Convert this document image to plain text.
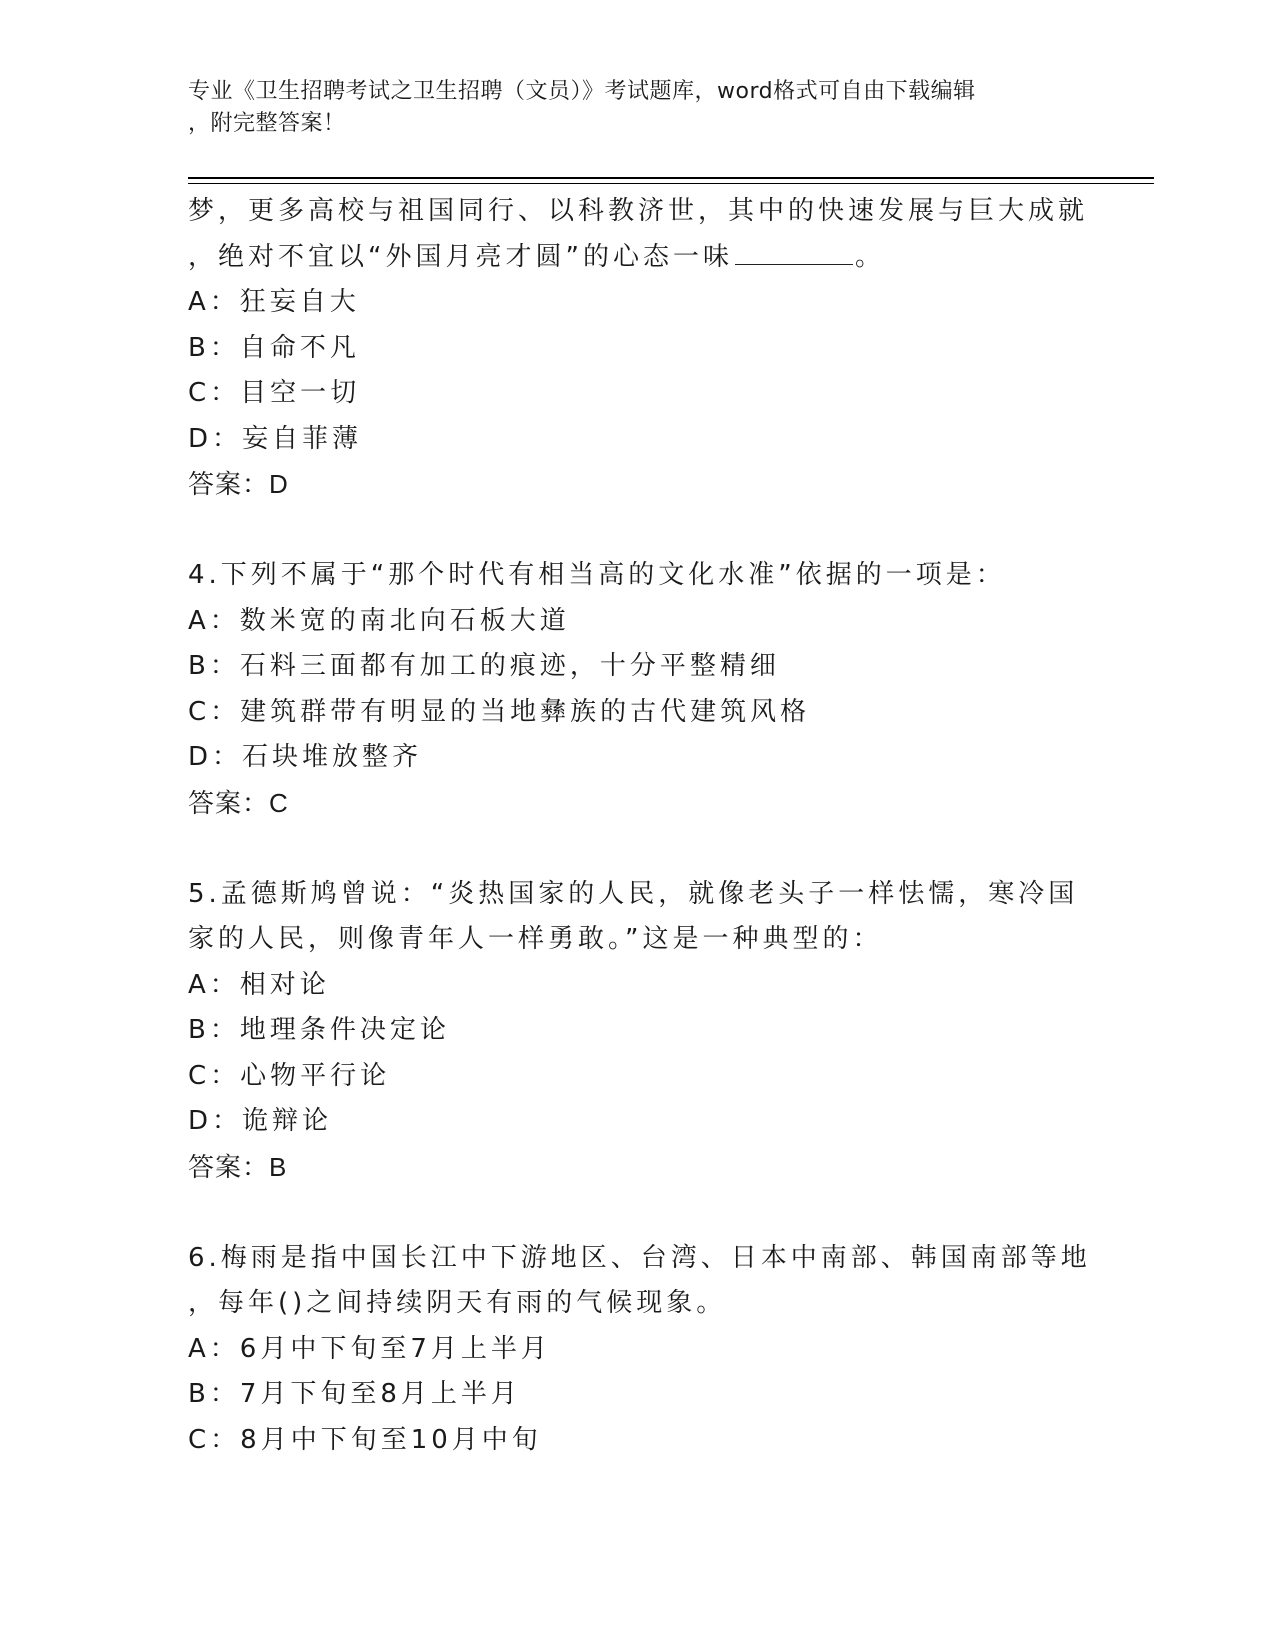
专业《卫生招聘考试之卫生招聘（文员）》考试题库，word格式可自由下载编辑
，附完整答案！
梦，更多高校与祖国同行、以科教济世，其中的快速发展与巨大成就
，绝对不宜以“外国月亮才圆”的心态一味	。
A：狂妄自大
B：自命不凡
C：目空一切
D：妄自菲薄
答案：D
4.下列不属于“那个时代有相当高的文化水准”依据的一项是：
A：数米宽的南北向石板大道
B：石料三面都有加工的痕迹，十分平整精细
C：建筑群带有明显的当地彝族的古代建筑风格
D：石块堆放整齐
答案：C
5.孟德斯鸠曾说：“炎热国家的人民，就像老头子一样怯懦，寒冷国
家的人民，则像青年人一样勇敢。”这是一种典型的：
A：相对论
B：地理条件决定论
C：心物平行论
D：诡辩论
答案：B
6.梅雨是指中国长江中下游地区、台湾、日本中南部、韩国南部等地
，每年()之间持续阴天有雨的气候现象。
A：6月中下旬至7月上半月
B：7月下旬至8月上半月
C：8月中下旬至10月中旬
